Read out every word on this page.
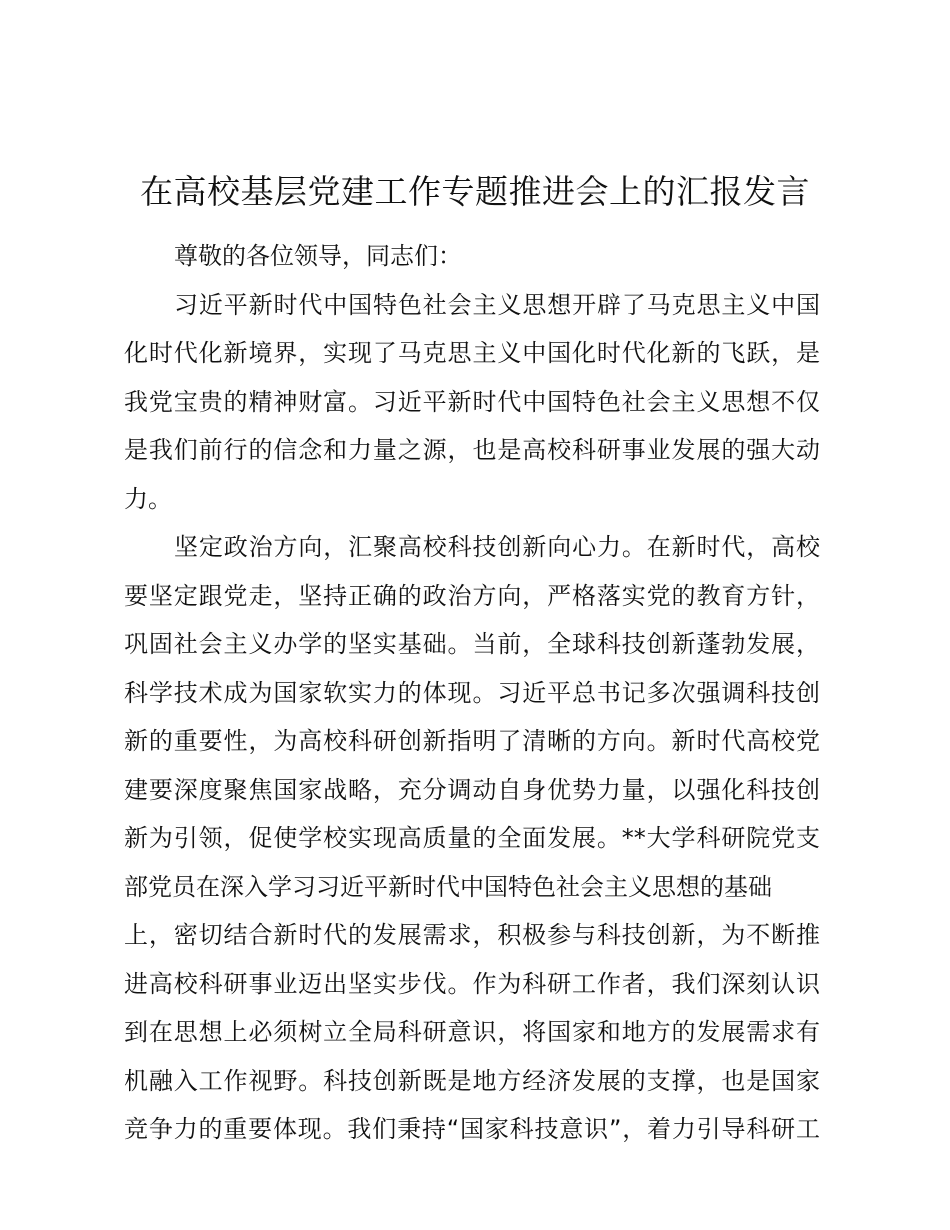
在高校基层党建工作专题推进会上的汇报发言
尊敬的各位领导，同志们：
习近平新时代中国特色社会主义思想开辟了马克思主义中国
化时代化新境界，实现了马克思主义中国化时代化新的飞跃，是
我党宝贵的精神财富。习近平新时代中国特色社会主义思想不仅
是我们前行的信念和力量之源，也是高校科研事业发展的强大动
力。
坚定政治方向，汇聚高校科技创新向心力。在新时代，高校
要坚定跟党走，坚持正确的政治方向，严格落实党的教育方针，
巩固社会主义办学的坚实基础。当前，全球科技创新蓬勃发展，
科学技术成为国家软实力的体现。习近平总书记多次强调科技创
新的重要性，为高校科研创新指明了清晰的方向。新时代高校党
建要深度聚焦国家战略，充分调动自身优势力量，以强化科技创
新为引领，促使学校实现高质量的全面发展。**大学科研院党支
部党员在深入学习习近平新时代中国特色社会主义思想的基础
上，密切结合新时代的发展需求，积极参与科技创新，为不断推
进高校科研事业迈出坚实步伐。作为科研工作者，我们深刻认识
到在思想上必须树立全局科研意识，将国家和地方的发展需求有
机融入工作视野。科技创新既是地方经济发展的支撑，也是国家
竞争力的重要体现。我们秉持“国家科技意识”，着力引导科研工
